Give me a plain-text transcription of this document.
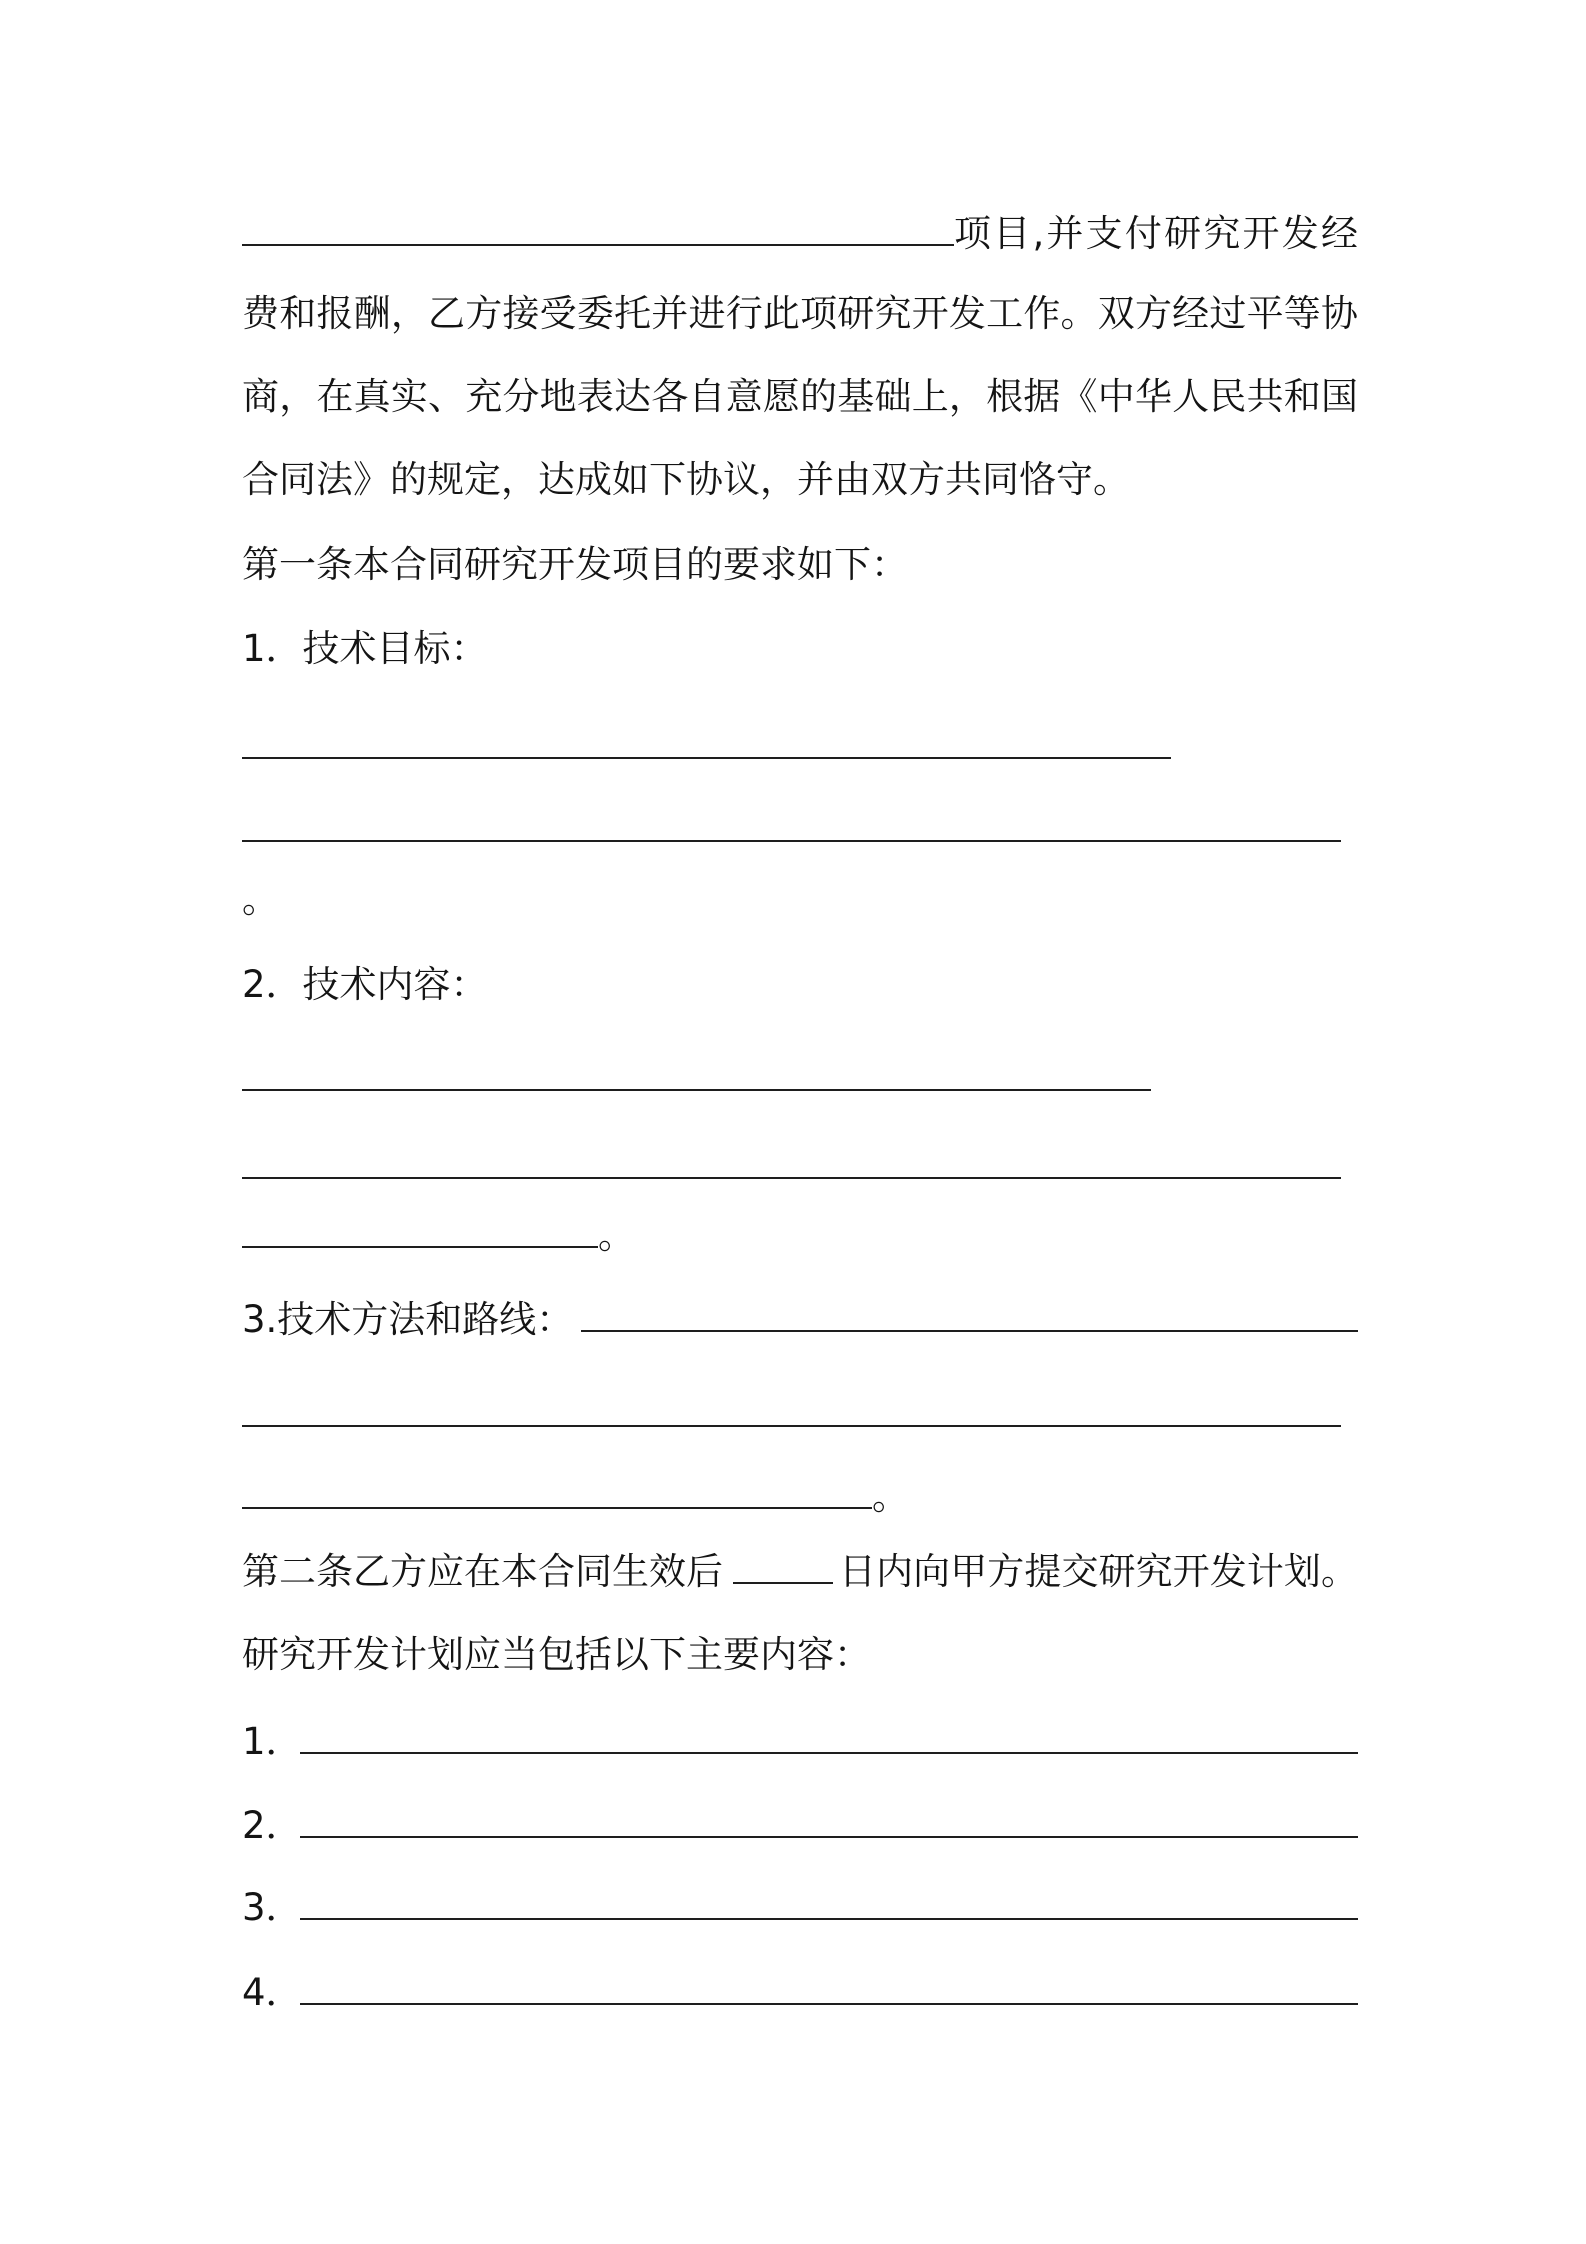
项目,并支付研究开发经
费和报酬，乙方接受委托并进行此项研究开发工作。双方经过平等协
商，在真实、充分地表达各自意愿的基础上，根据《中华人民共和国
合同法》的规定，达成如下协议，并由双方共同恪守。
第一条本合同研究开发项目的要求如下：
1．技术目标：
。
2．技术内容：
。
3.技术方法和路线：
。
第二条乙方应在本合同生效后	日内向甲方提交研究开发计划。
研究开发计划应当包括以下主要内容：
1．
2．
3．
4．
